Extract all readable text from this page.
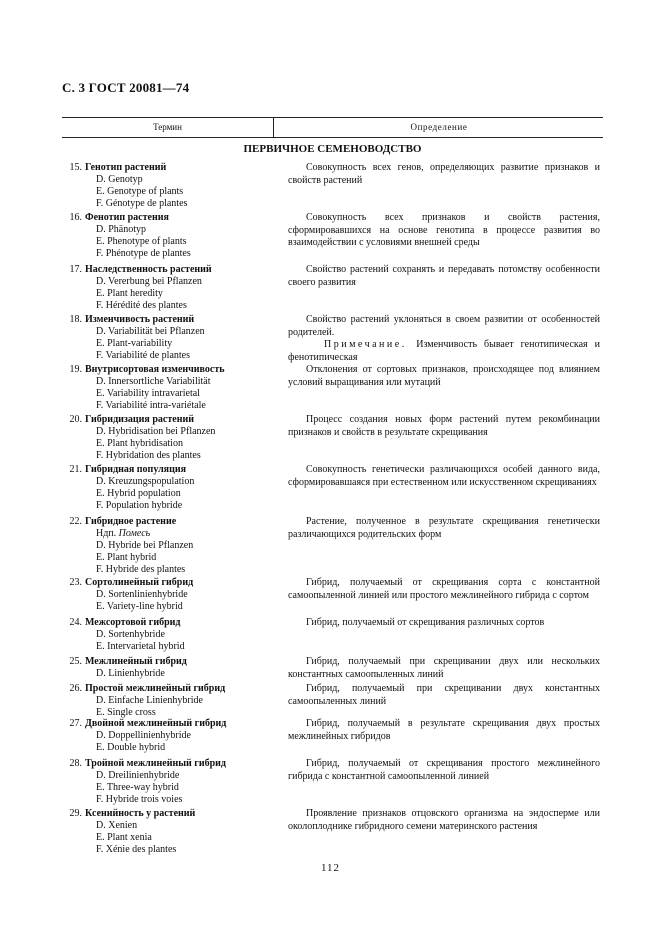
С. 3 ГОСТ 20081—74
Термин	Определение
ПЕРВИЧНОЕ СЕМЕНОВОДСТВО
15. Генотип растений
D. Genotyp
E. Genotype of plants
F. Génotype de plantes

Совокупность всех генов, определяющих развитие признаков и свойств растений

16. Фенотип растения
D. Phänotyp
E. Phenotype of plants
F. Phénotype de plantes

Совокупность всех признаков и свойств растения, сформировавшихся на основе генотипа в процессе развития во взаимодействии с условиями внешней среды

17. Наследственность растений
D. Vererbung bei Pflanzen
E. Plant heredity
F. Hérédité des plantes

Свойство растений сохранять и передавать потомству особенности своего развития

18. Изменчивость растений
D. Variabilität bei Pflanzen
E. Plant-variability
F. Variabilité de plantes

Свойство растений уклоняться в своем развитии от особенностей родителей.

Примечание. Изменчивость бывает генотипическая и фенотипическая

19. Внутрисортовая изменчивость
D. Innersortliche Variabilität
E. Variability intravarietal
F. Variabilité intra-variétale

Отклонения от сортовых признаков, происходящее под влиянием условий выращивания или мутаций

20. Гибридизация растений
D. Hybridisation bei Pflanzen
E. Plant hybridisation
F. Hybridation des plantes

Процесс создания новых форм растений путем рекомбинации признаков и свойств в результате скрещивания

21. Гибридная популяция
D. Kreuzungspopulation
E. Hybrid population
F. Population hybride

Совокупность генетически различающихся особей данного вида, сформировавшаяся при естественном или искусственном скрещиваниях

22. Гибридное растение
Ндп. Помесь
D. Hybride bei Pflanzen
E. Plant hybrid
F. Hybride des plantes

Растение, полученное в результате скрещивания генетически различающихся родительских форм

23. Сортолинейный гибрид
D. Sortenlinienhybride
E. Variety-line hybrid

Гибрид, получаемый от скрещивания сорта с константной самоопыленной линией или простого межлинейного гибрида с сортом

24. Межсортовой гибрид
D. Sortenhybride
E. Intervarietal hybrid

Гибрид, получаемый от скрещивания различных сортов

25. Межлинейный гибрид
D. Linienhybride

Гибрид, получаемый при скрещивании двух или нескольких константных самоопыленных линий

26. Простой межлинейный гибрид
D. Einfache Linienhybride
E. Single cross

Гибрид, получаемый при скрещивании двух константных самоопыленных линий

27. Двойной межлинейный гибрид
D. Doppellinienhybride
E. Double hybrid

Гибрид, получаемый в результате скрещивания двух простых межлинейных гибридов

28. Тройной межлинейный гибрид
D. Dreilinienhybride
E. Three-way hybrid
F. Hybride trois voies

Гибрид, получаемый от скрещивания простого межлинейного гибрида с константной самоопыленной линией

29. Ксенийность у растений
D. Xenien
E. Plant xenia
F. Xénie des plantes

Проявление признаков отцовского организма на эндосперме или околоплоднике гибридного семени материнского растения

112
